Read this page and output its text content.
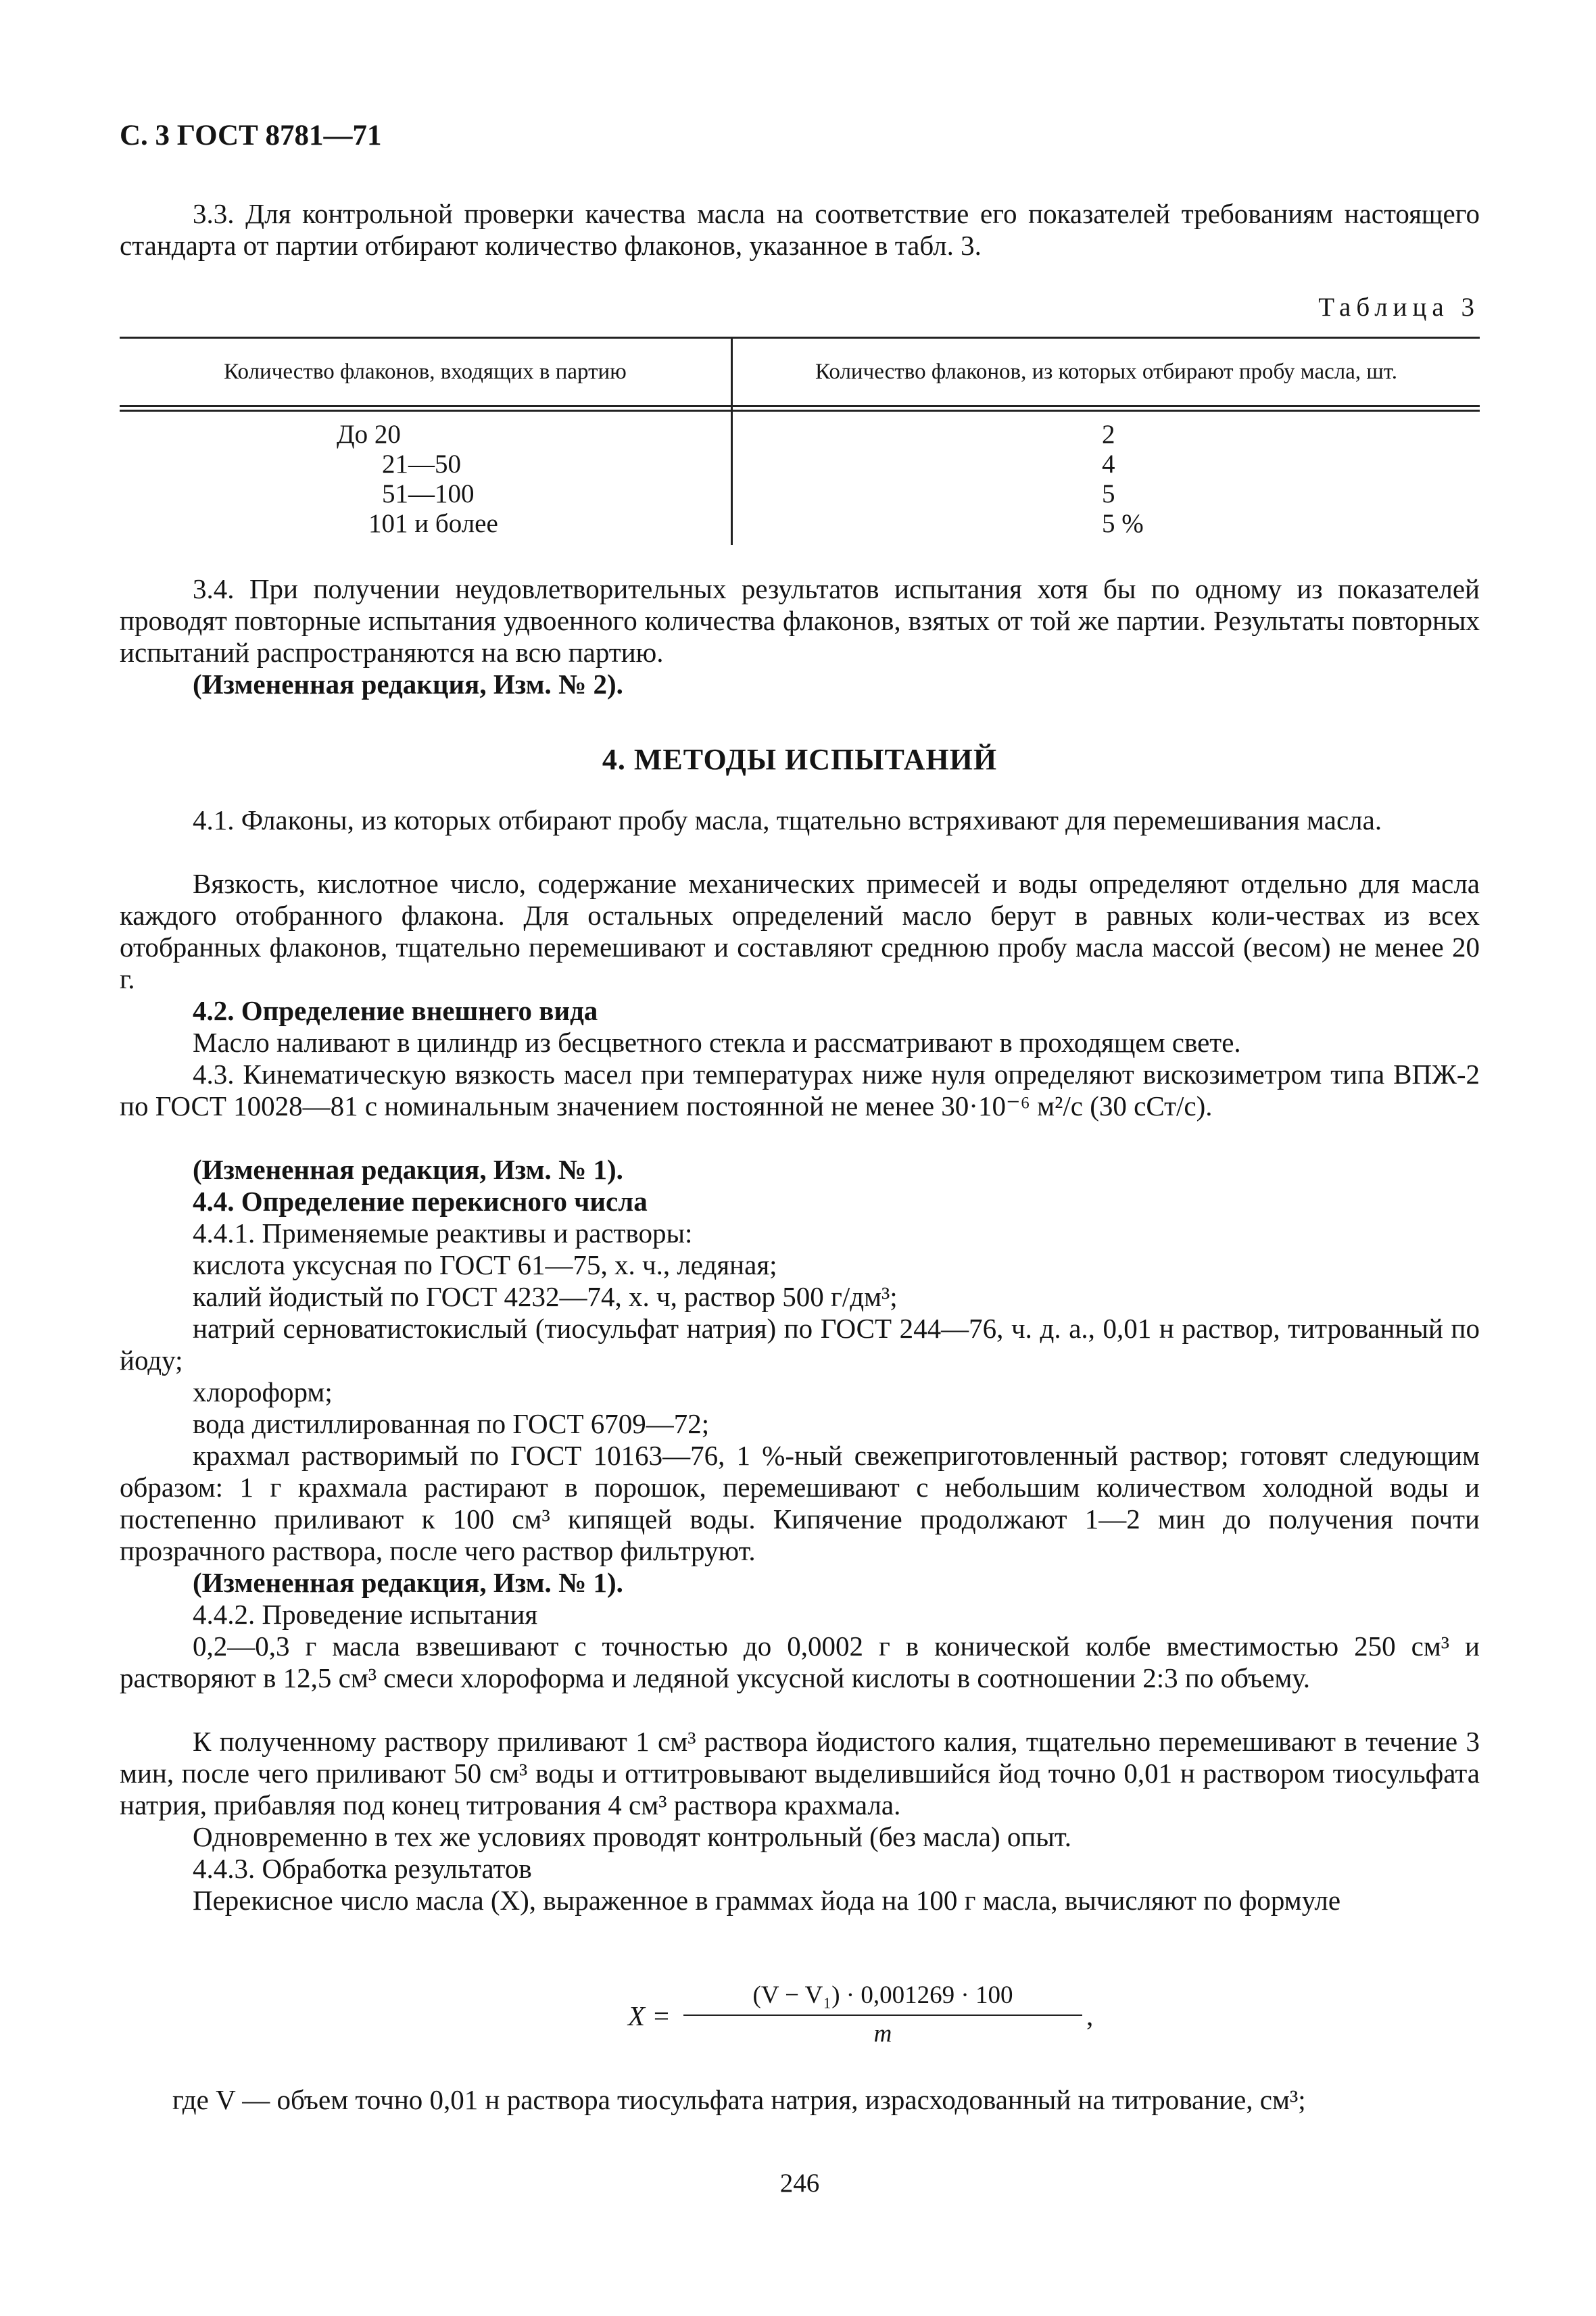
С. 3 ГОСТ 8781—71
3.3. Для контрольной проверки качества масла на соответствие его показателей требованиям настоящего стандарта от партии отбирают количество флаконов, указанное в табл. 3.
Таблица 3
Количество флаконов, входящих в партию	Количество флаконов, из которых отбирают пробу масла, шт.
До 20	2
21—50	4
51—100	5
101 и более	5 %
3.4. При получении неудовлетворительных результатов испытания хотя бы по одному из показателей проводят повторные испытания удвоенного количества флаконов, взятых от той же партии. Результаты повторных испытаний распространяются на всю партию.
(Измененная редакция, Изм. № 2).
4. МЕТОДЫ ИСПЫТАНИЙ
4.1. Флаконы, из которых отбирают пробу масла, тщательно встряхивают для перемешивания масла.
Вязкость, кислотное число, содержание механических примесей и воды определяют отдельно для масла каждого отобранного флакона. Для остальных определений масло берут в равных коли-чествах из всех отобранных флаконов, тщательно перемешивают и составляют среднюю пробу масла массой (весом) не менее 20 г.
4.2. Определение внешнего вида
Масло наливают в цилиндр из бесцветного стекла и рассматривают в проходящем свете.
4.3. Кинематическую вязкость масел при температурах ниже нуля определяют вискозиметром типа ВПЖ-2 по ГОСТ 10028—81 с номинальным значением постоянной не менее 30·10⁻⁶ м²/с (30 сСт/с).
(Измененная редакция, Изм. № 1).
4.4. Определение перекисного числа
4.4.1. Применяемые реактивы и растворы:
кислота уксусная по ГОСТ 61—75, х. ч., ледяная;
калий йодистый по ГОСТ 4232—74, х. ч, раствор 500 г/дм³;
натрий серноватистокислый (тиосульфат натрия) по ГОСТ 244—76, ч. д. а., 0,01 н раствор, титрованный по йоду;
хлороформ;
вода дистиллированная по ГОСТ 6709—72;
крахмал растворимый по ГОСТ 10163—76, 1 %-ный свежеприготовленный раствор; готовят следующим образом: 1 г крахмала растирают в порошок, перемешивают с небольшим количеством холодной воды и постепенно приливают к 100 см³ кипящей воды. Кипячение продолжают 1—2 мин до получения почти прозрачного раствора, после чего раствор фильтруют.
(Измененная редакция, Изм. № 1).
4.4.2. Проведение испытания
0,2—0,3 г масла взвешивают с точностью до 0,0002 г в конической колбе вместимостью 250 см³ и растворяют в 12,5 см³ смеси хлороформа и ледяной уксусной кислоты в соотношении 2:3 по объему.
К полученному раствору приливают 1 см³ раствора йодистого калия, тщательно перемешивают в течение 3 мин, после чего приливают 50 см³ воды и оттитровывают выделившийся йод точно 0,01 н раствором тиосульфата натрия, прибавляя под конец титрования 4 см³ раствора крахмала.
Одновременно в тех же условиях проводят контрольный (без масла) опыт.
4.4.3. Обработка результатов
Перекисное число масла (X), выраженное в граммах йода на 100 г масла, вычисляют по формуле
X =
(V − V₁) · 0,001269 · 100
m
,
где V — объем точно 0,01 н раствора тиосульфата натрия, израсходованный на титрование, см³;
246
